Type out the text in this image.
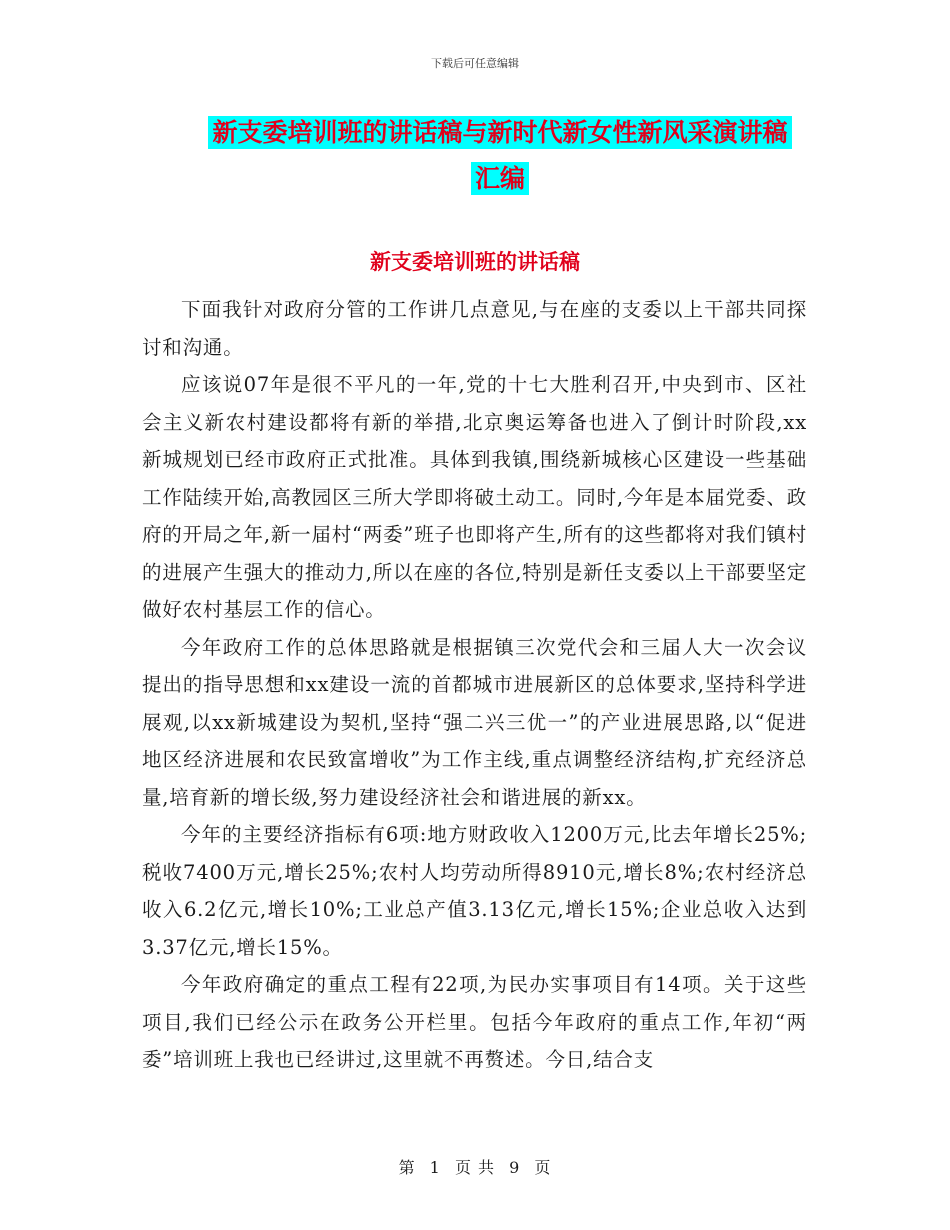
下载后可任意编辑
新支委培训班的讲话稿与新时代新女性新风采演讲稿
汇编
新支委培训班的讲话稿

下面我针对政府分管的工作讲几点意见,与在座的支委以上干部共同探讨和沟通。

应该说07年是很不平凡的一年,党的十七大胜利召开,中央到市、区社会主义新农村建设都将有新的举措,北京奥运筹备也进入了倒计时阶段,xx新城规划已经市政府正式批准。具体到我镇,围绕新城核心区建设一些基础工作陆续开始,高教园区三所大学即将破土动工。同时,今年是本届党委、政府的开局之年,新一届村“两委”班子也即将产生,所有的这些都将对我们镇村的进展产生强大的推动力,所以在座的各位,特别是新任支委以上干部要坚定做好农村基层工作的信心。

今年政府工作的总体思路就是根据镇三次党代会和三届人大一次会议提出的指导思想和xx建设一流的首都城市进展新区的总体要求,坚持科学进展观,以xx新城建设为契机,坚持“强二兴三优一”的产业进展思路,以“促进地区经济进展和农民致富增收”为工作主线,重点调整经济结构,扩充经济总量,培育新的增长级,努力建设经济社会和谐进展的新xx。

今年的主要经济指标有6项:地方财政收入1200万元,比去年增长25%;税收7400万元,增长25%;农村人均劳动所得8910元,增长8%;农村经济总收入6.2亿元,增长10%;工业总产值3.13亿元,增长15%;企业总收入达到3.37亿元,增长15%。

今年政府确定的重点工程有22项,为民办实事项目有14项。关于这些项目,我们已经公示在政务公开栏里。包括今年政府的重点工作,年初“两委”培训班上我也已经讲过,这里就不再赘述。今日,结合支

第 1 页 共 9 页
